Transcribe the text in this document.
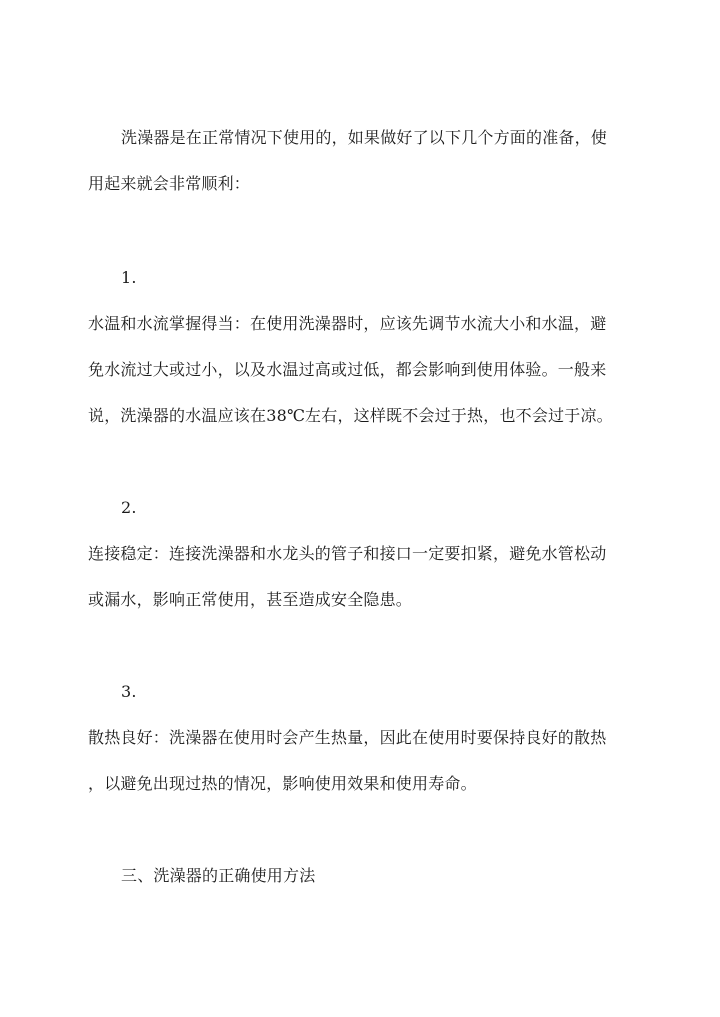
洗澡器是在正常情况下使用的，如果做好了以下几个方面的准备，使
用起来就会非常顺利：
1.
水温和水流掌握得当：在使用洗澡器时，应该先调节水流大小和水温，避
免水流过大或过小，以及水温过高或过低，都会影响到使用体验。一般来
说，洗澡器的水温应该在38℃左右，这样既不会过于热，也不会过于凉。
2.
连接稳定：连接洗澡器和水龙头的管子和接口一定要扣紧，避免水管松动
或漏水，影响正常使用，甚至造成安全隐患。
3.
散热良好：洗澡器在使用时会产生热量，因此在使用时要保持良好的散热
，以避免出现过热的情况，影响使用效果和使用寿命。
三、洗澡器的正确使用方法
